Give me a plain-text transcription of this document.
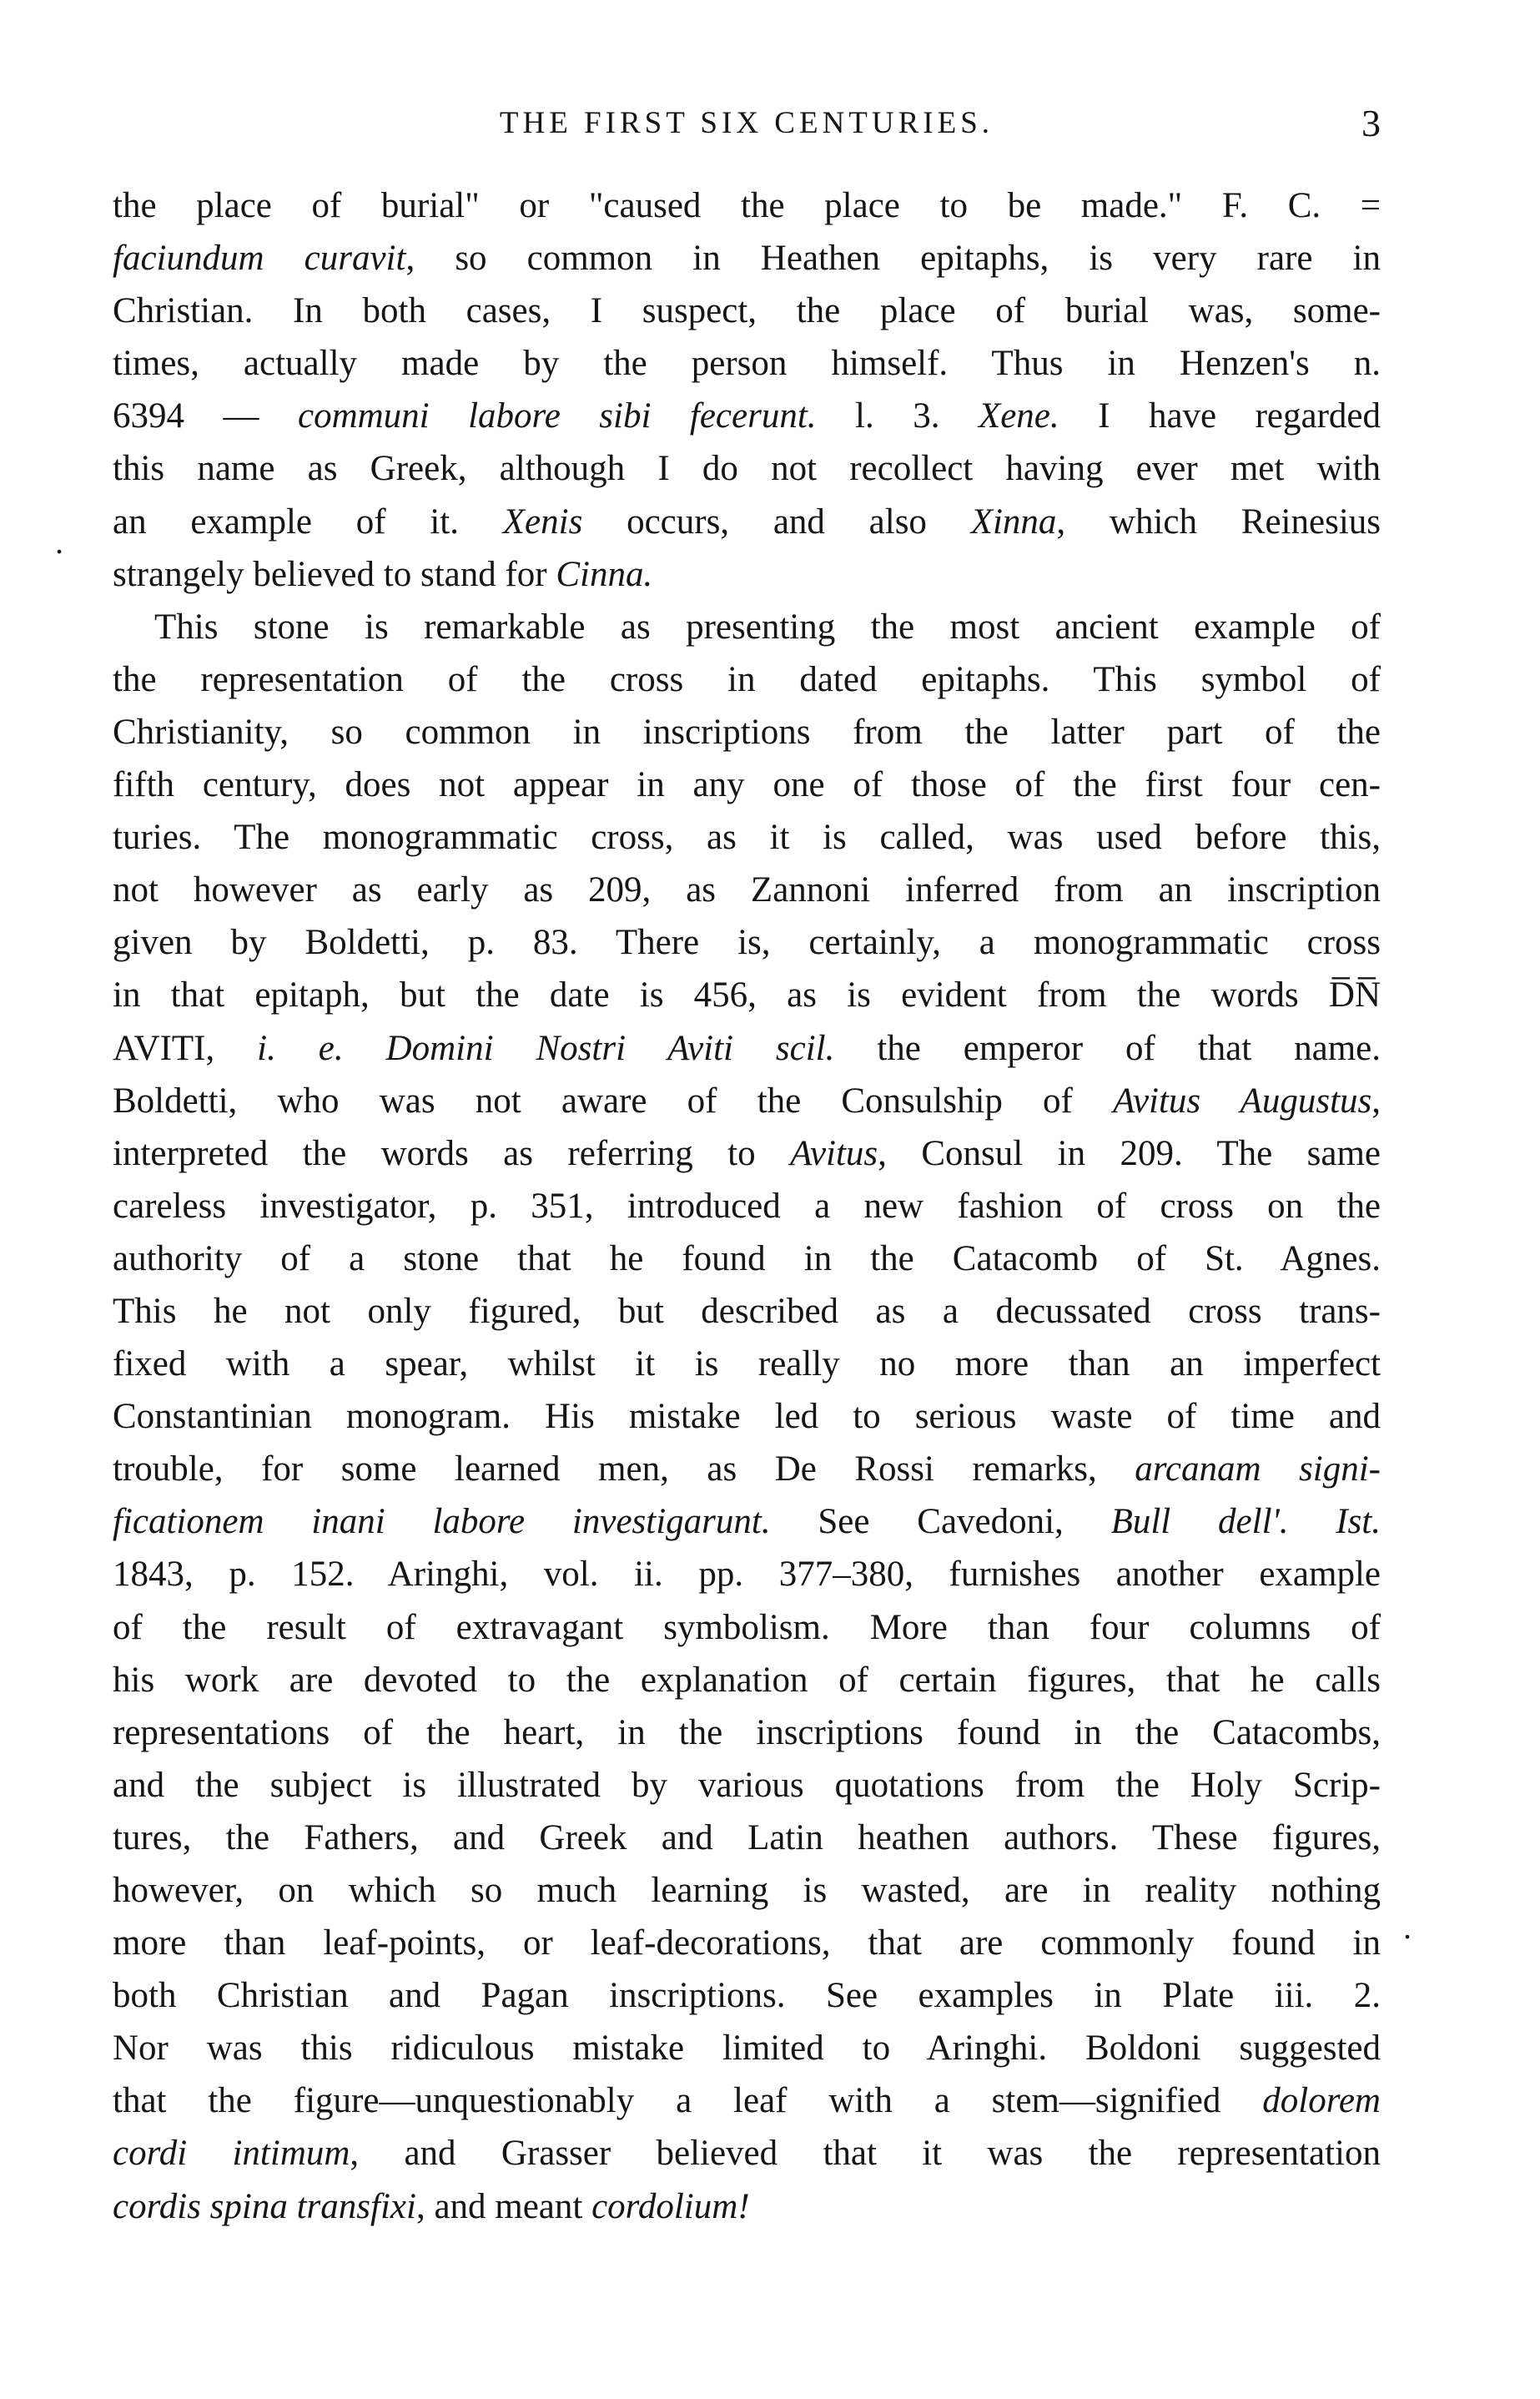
THE FIRST SIX CENTURIES.	3
the place of burial" or "caused the place to be made." F. C. =
faciundum curavit, so common in Heathen epitaphs, is very rare in
Christian. In both cases, I suspect, the place of burial was, some-
times, actually made by the person himself. Thus in Henzen's n.
6394 — communi labore sibi fecerunt. l. 3. Xene. I have regarded
this name as Greek, although I do not recollect having ever met with
an example of it. Xenis occurs, and also Xinna, which Reinesius
strangely believed to stand for Cinna.
This stone is remarkable as presenting the most ancient example of
the representation of the cross in dated epitaphs. This symbol of
Christianity, so common in inscriptions from the latter part of the
fifth century, does not appear in any one of those of the first four cen-
turies. The monogrammatic cross, as it is called, was used before this,
not however as early as 209, as Zannoni inferred from an inscription
given by Boldetti, p. 83. There is, certainly, a monogrammatic cross
in that epitaph, but the date is 456, as is evident from the words D̅N̅
AVITI, i. e. Domini Nostri Aviti scil. the emperor of that name.
Boldetti, who was not aware of the Consulship of Avitus Augustus,
interpreted the words as referring to Avitus, Consul in 209. The same
careless investigator, p. 351, introduced a new fashion of cross on the
authority of a stone that he found in the Catacomb of St. Agnes.
This he not only figured, but described as a decussated cross trans-
fixed with a spear, whilst it is really no more than an imperfect
Constantinian monogram. His mistake led to serious waste of time and
trouble, for some learned men, as De Rossi remarks, arcanam signi-
ficationem inani labore investigarunt. See Cavedoni, Bull dell'. Ist.
1843, p. 152. Aringhi, vol. ii. pp. 377–380, furnishes another example
of the result of extravagant symbolism. More than four columns of
his work are devoted to the explanation of certain figures, that he calls
representations of the heart, in the inscriptions found in the Catacombs,
and the subject is illustrated by various quotations from the Holy Scrip-
tures, the Fathers, and Greek and Latin heathen authors. These figures,
however, on which so much learning is wasted, are in reality nothing
more than leaf-points, or leaf-decorations, that are commonly found in
both Christian and Pagan inscriptions. See examples in Plate iii. 2.
Nor was this ridiculous mistake limited to Aringhi. Boldoni suggested
that the figure—unquestionably a leaf with a stem—signified dolorem
cordi intimum, and Grasser believed that it was the representation
cordis spina transfixi, and meant cordolium!
.
.
